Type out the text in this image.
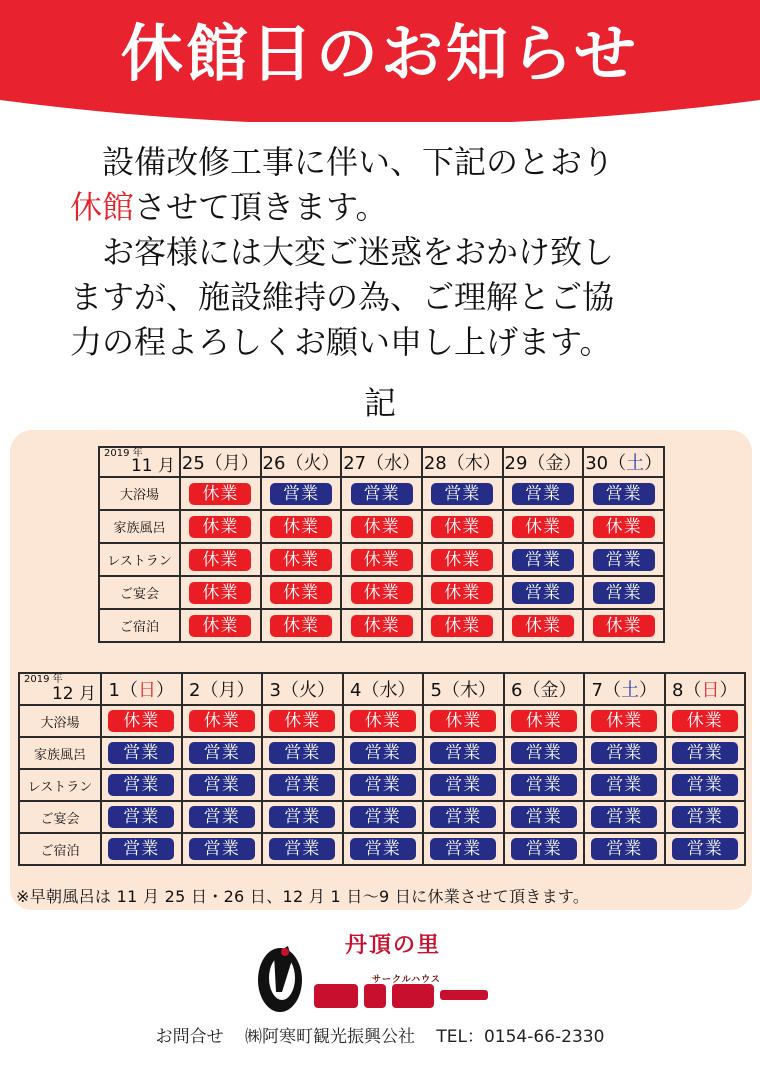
休館日のお知らせ

設備改修工事に伴い、下記のとおり

休館させて頂きます。

お客様には大変ご迷惑をおかけ致し

ますが、施設維持の為、ご理解とご協

力の程よろしくお願い申し上げます。

記
2019 年
11 月	25（月）	26（火）	27（水）	28（木）	29（金）	30（土）
大浴場	休業	営業	営業	営業	営業	営業
家族風呂	休業	休業	休業	休業	休業	休業
レストラン	休業	休業	休業	休業	営業	営業
ご宴会	休業	休業	休業	休業	営業	営業
ご宿泊	休業	休業	休業	休業	休業	休業
2019 年
12 月	1（日）	2（月）	3（火）	4（水）	5（木）	6（金）	7（土）	8（日）
大浴場	休業	休業	休業	休業	休業	休業	休業	休業
家族風呂	営業	営業	営業	営業	営業	営業	営業	営業
レストラン	営業	営業	営業	営業	営業	営業	営業	営業
ご宴会	営業	営業	営業	営業	営業	営業	営業	営業
ご宿泊	営業	営業	営業	営業	営業	営業	営業	営業
※早朝風呂は 11 月 25 日・26 日、12 月 1 日～9 日に休業させて頂きます。
丹頂の里
サークルハウス
お問合せ ㈱阿寒町観光振興公社 TEL：0154-66-2330
